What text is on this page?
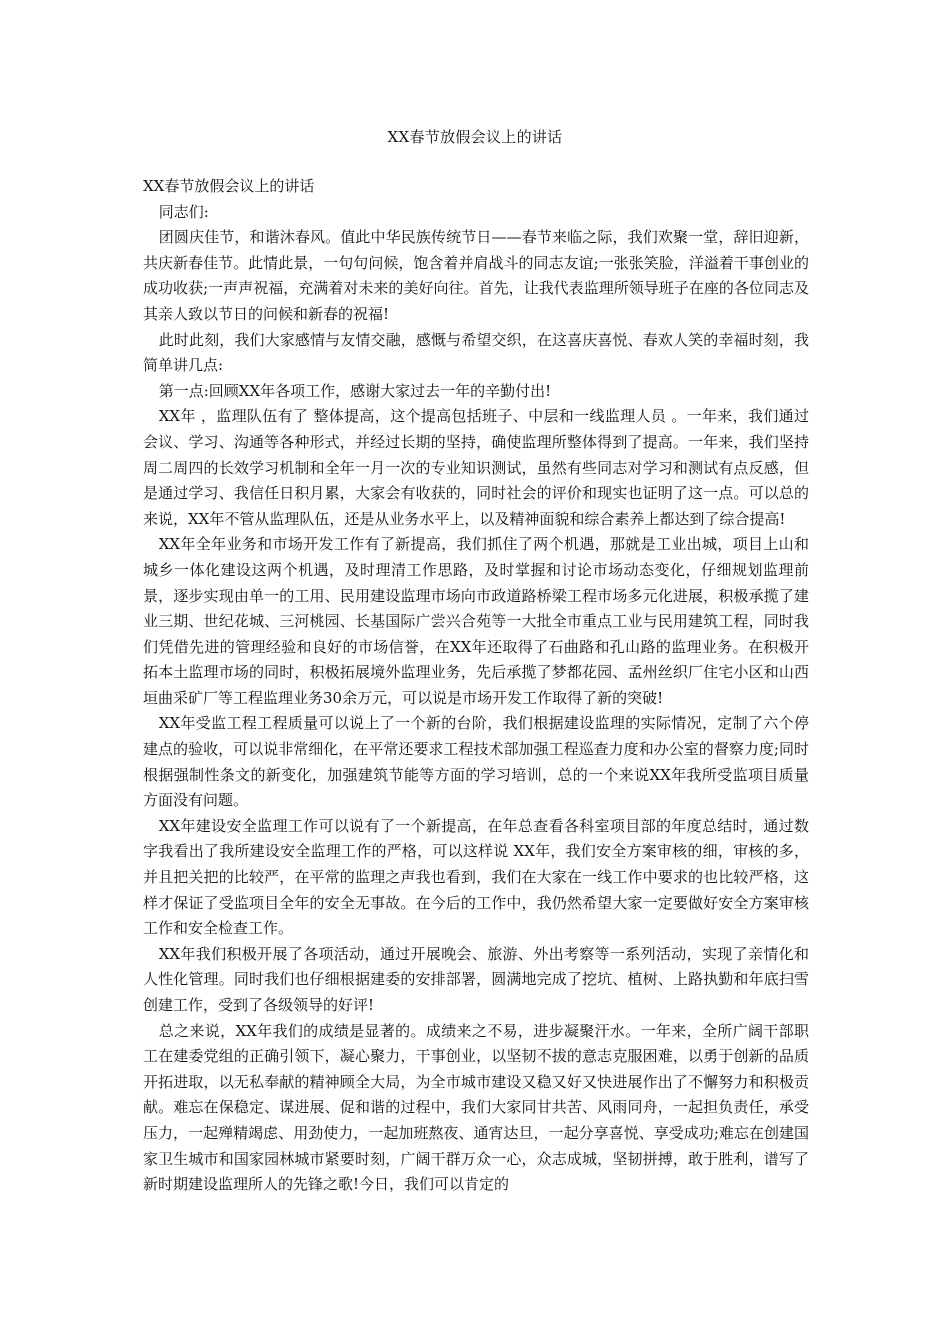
XX春节放假会议上的讲话

XX春节放假会议上的讲话

同志们:

团圆庆佳节，和谐沐春风。值此中华民族传统节日——春节来临之际，我们欢聚一堂，辞旧迎新，共庆新春佳节。此情此景，一句句问候，饱含着并肩战斗的同志友谊;一张张笑脸，洋溢着干事创业的成功收获;一声声祝福，充满着对未来的美好向往。首先，让我代表监理所领导班子在座的各位同志及其亲人致以节日的问候和新春的祝福!

此时此刻，我们大家感情与友情交融，感慨与希望交织，在这喜庆喜悦、春欢人笑的幸福时刻，我简单讲几点:

第一点:回顾XX年各项工作，感谢大家过去一年的辛勤付出!

XX年 ，监理队伍有了 整体提高，这个提高包括班子、中层和一线监理人员 。一年来，我们通过会议、学习、沟通等各种形式，并经过长期的坚持，确使监理所整体得到了提高。一年来，我们坚持周二周四的长效学习机制和全年一月一次的专业知识测试，虽然有些同志对学习和测试有点反感，但是通过学习、我信任日积月累，大家会有收获的，同时社会的评价和现实也证明了这一点。可以总的来说，XX年不管从监理队伍，还是从业务水平上，以及精神面貌和综合素养上都达到了综合提高!

XX年全年业务和市场开发工作有了新提高，我们抓住了两个机遇，那就是工业出城，项目上山和城乡一体化建设这两个机遇，及时理清工作思路，及时掌握和讨论市场动态变化，仔细规划监理前景，逐步实现由单一的工用、民用建设监理市场向市政道路桥梁工程市场多元化进展，积极承揽了建业三期、世纪花城、三河桃园、长基国际广尝兴合苑等一大批全市重点工业与民用建筑工程，同时我们凭借先进的管理经验和良好的市场信誉，在XX年还取得了石曲路和孔山路的监理业务。在积极开拓本土监理市场的同时，积极拓展境外监理业务，先后承揽了梦都花园、孟州丝织厂住宅小区和山西垣曲采矿厂等工程监理业务30余万元，可以说是市场开发工作取得了新的突破!

XX年受监工程工程质量可以说上了一个新的台阶，我们根据建设监理的实际情况，定制了六个停建点的验收，可以说非常细化，在平常还要求工程技术部加强工程巡查力度和办公室的督察力度;同时根据强制性条文的新变化，加强建筑节能等方面的学习培训，总的一个来说XX年我所受监项目质量方面没有问题。

XX年建设安全监理工作可以说有了一个新提高，在年总查看各科室项目部的年度总结时，通过数字我看出了我所建设安全监理工作的严格，可以这样说 XX年，我们安全方案审核的细，审核的多，并且把关把的比较严，在平常的监理之声我也看到，我们在大家在一线工作中要求的也比较严格，这样才保证了受监项目全年的安全无事故。在今后的工作中，我仍然希望大家一定要做好安全方案审核工作和安全检查工作。

XX年我们积极开展了各项活动，通过开展晚会、旅游、外出考察等一系列活动，实现了亲情化和人性化管理。同时我们也仔细根据建委的安排部署，圆满地完成了挖坑、植树、上路执勤和年底扫雪创建工作，受到了各级领导的好评!

总之来说，XX年我们的成绩是显著的。成绩来之不易，进步凝聚汗水。一年来，全所广阔干部职工在建委党组的正确引领下，凝心聚力，干事创业，以坚韧不拔的意志克服困难，以勇于创新的品质开拓进取，以无私奉献的精神顾全大局，为全市城市建设又稳又好又快进展作出了不懈努力和积极贡献。难忘在保稳定、谋进展、促和谐的过程中，我们大家同甘共苦、风雨同舟，一起担负责任，承受压力，一起殚精竭虑、用劲使力，一起加班熬夜、通宵达旦，一起分享喜悦、享受成功;难忘在创建国家卫生城市和国家园林城市紧要时刻，广阔干群万众一心，众志成城，坚韧拼搏，敢于胜利，谱写了新时期建设监理所人的先锋之歌!今日，我们可以肯定的
